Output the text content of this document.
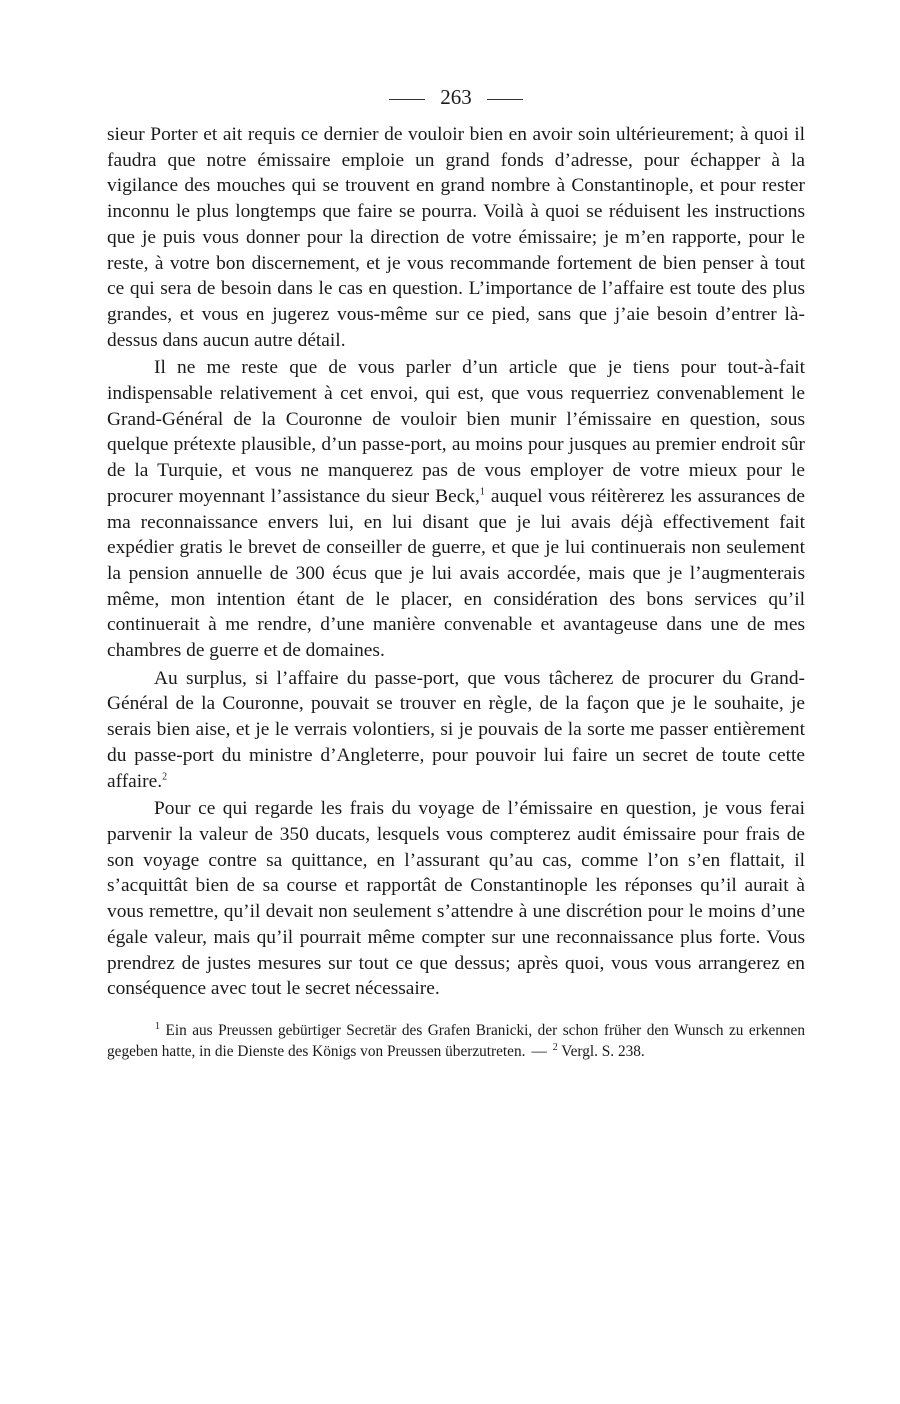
263

sieur Porter et ait requis ce dernier de vouloir bien en avoir soin ultérieurement; à quoi il faudra que notre émissaire emploie un grand fonds d’adresse, pour échapper à la vigilance des mouches qui se trouvent en grand nombre à Constantinople, et pour rester inconnu le plus longtemps que faire se pourra. Voilà à quoi se réduisent les instructions que je puis vous donner pour la direction de votre émissaire; je m’en rapporte, pour le reste, à votre bon discernement, et je vous recommande fortement de bien penser à tout ce qui sera de besoin dans le cas en question. L’importance de l’affaire est toute des plus grandes, et vous en jugerez vous-même sur ce pied, sans que j’aie besoin d’entrer là-dessus dans aucun autre détail.

Il ne me reste que de vous parler d’un article que je tiens pour tout-à-fait indispensable relativement à cet envoi, qui est, que vous requerriez convenablement le Grand-Général de la Couronne de vouloir bien munir l’émissaire en question, sous quelque prétexte plausible, d’un passe-port, au moins pour jusques au premier endroit sûr de la Turquie, et vous ne manquerez pas de vous employer de votre mieux pour le procurer moyennant l’assistance du sieur Beck,$^1$ auquel vous réitèrerez les assurances de ma reconnaissance envers lui, en lui disant que je lui avais déjà effectivement fait expédier gratis le brevet de conseiller de guerre, et que je lui continuerais non seulement la pension annuelle de 300 écus que je lui avais accordée, mais que je l’augmenterais même, mon intention étant de le placer, en considération des bons services qu’il continuerait à me rendre, d’une manière convenable et avantageuse dans une de mes chambres de guerre et de domaines.

Au surplus, si l’affaire du passe-port, que vous tâcherez de procurer du Grand-Général de la Couronne, pouvait se trouver en règle, de la façon que je le souhaite, je serais bien aise, et je le verrais volontiers, si je pouvais de la sorte me passer entièrement du passe-port du ministre d’Angleterre, pour pouvoir lui faire un secret de toute cette affaire.$^2$

Pour ce qui regarde les frais du voyage de l’émissaire en question, je vous ferai parvenir la valeur de 350 ducats, lesquels vous compterez audit émissaire pour frais de son voyage contre sa quittance, en l’assurant qu’au cas, comme l’on s’en flattait, il s’acquittât bien de sa course et rapportât de Constantinople les réponses qu’il aurait à vous remettre, qu’il devait non seulement s’attendre à une discrétion pour le moins d’une égale valeur, mais qu’il pourrait même compter sur une reconnaissance plus forte. Vous prendrez de justes mesures sur tout ce que dessus; après quoi, vous vous arrangerez en conséquence avec tout le secret nécessaire.

$^1$ Ein aus Preussen gebürtiger Secretär des Grafen Branicki, der schon früher den Wunsch zu erkennen gegeben hatte, in die Dienste des Königs von Preussen überzutreten. — $^2$ Vergl. S. 238.
